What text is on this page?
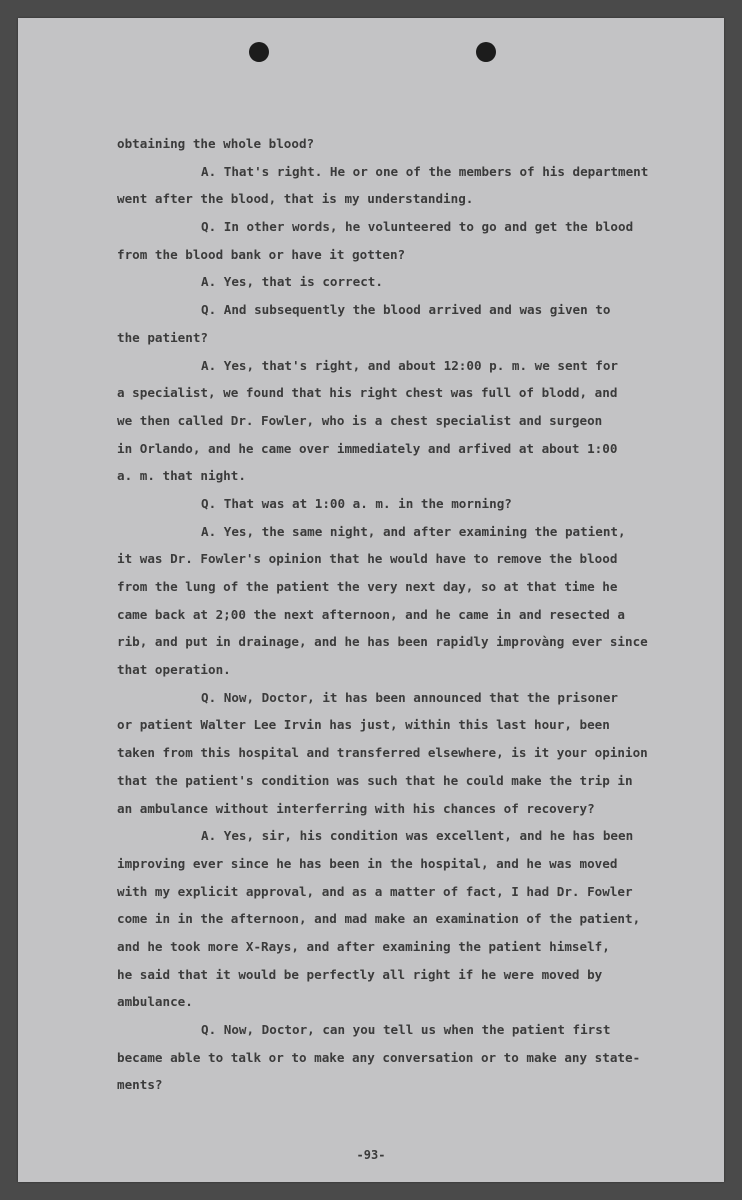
obtaining the whole blood?
A. That's right. He or one of the members of his department
went after the blood, that is my understanding.
Q. In other words, he volunteered to go and get the blood
from the blood bank or have it gotten?
A. Yes, that is correct.
Q. And subsequently the blood arrived and was given to
the patient?
A. Yes, that's right, and about 12:00 p. m. we sent for
a specialist, we found that his right chest was full of blodd, and
we then called Dr. Fowler, who is a chest specialist and surgeon
in Orlando, and he came over immediately and arfived at about 1:00
a. m. that night.
Q. That was at 1:00 a. m. in the morning?
A. Yes, the same night, and after examining the patient,
it was Dr. Fowler's opinion that he would have to remove the blood
from the lung of the patient the very next day, so at that time he
came back at 2;00 the next afternoon, and he came in and resected a
rib, and put in drainage, and he has been rapidly improvàng ever since
that operation.
Q. Now, Doctor, it has been announced that the prisoner
or patient Walter Lee Irvin has just, within this last hour, been
taken from this hospital and transferred elsewhere, is it your opinion
that the patient's condition was such that he could make the trip in
an ambulance without interferring with his chances of recovery?
A. Yes, sir, his condition was excellent, and he has been
improving ever since he has been in the hospital, and he was moved
with my explicit approval, and as a matter of fact, I had Dr. Fowler
come in in the afternoon, and mad make an examination of the patient,
and he took more X-Rays, and after examining the patient himself,
he said that it would be perfectly all right if he were moved by
ambulance.
Q. Now, Doctor, can you tell us when the patient first
became able to talk or to make any conversation or to make any state-
ments?
-93-
